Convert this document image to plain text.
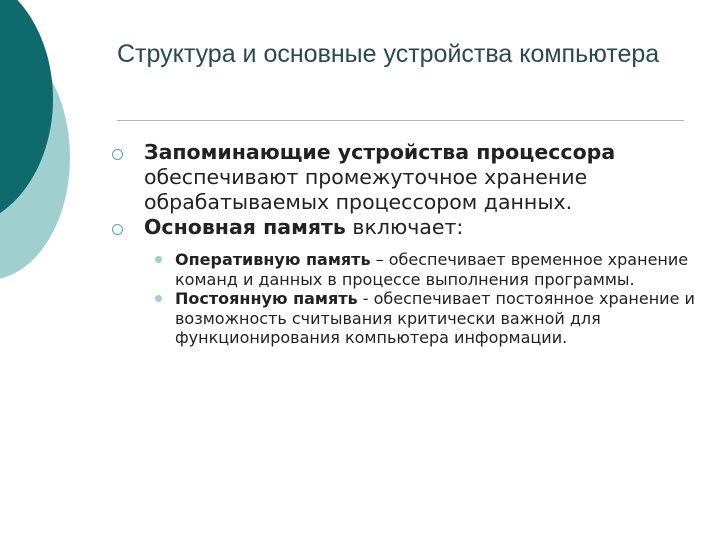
Структура и основные устройства компьютера
Запоминающие устройства процессора обеспечивают промежуточное хранение обрабатываемых процессором данных.
Основная память включает:
Оперативную память – обеспечивает временное хранение команд и данных в процессе выполнения программы.
Постоянную память - обеспечивает постоянное хранение и возможность считывания критически важной для функционирования компьютера информации.
